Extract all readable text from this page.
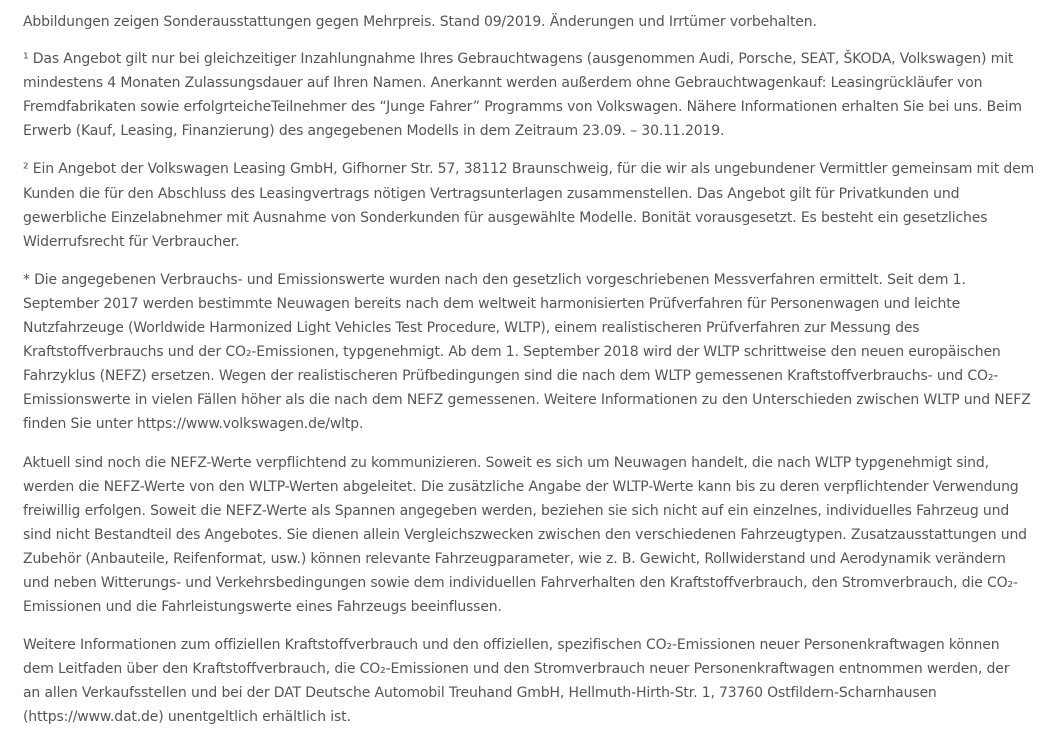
Abbildungen zeigen Sonderausstattungen gegen Mehrpreis. Stand 09/2019. Änderungen und Irrtümer vorbehalten.

¹ Das Angebot gilt nur bei gleichzeitiger Inzahlungnahme Ihres Gebrauchtwagens (ausgenommen Audi, Porsche, SEAT, ŠKODA, Volkswagen) mit
mindestens 4 Monaten Zulassungsdauer auf Ihren Namen. Anerkannt werden außerdem ohne Gebrauchtwagenkauf: Leasingrückläufer von
Fremdfabrikaten sowie erfolgrteicheTeilnehmer des “Junge Fahrer” Programms von Volkswagen. Nähere Informationen erhalten Sie bei uns. Beim
Erwerb (Kauf, Leasing, Finanzierung) des angegebenen Modells in dem Zeitraum 23.09. – 30.11.2019.

² Ein Angebot der Volkswagen Leasing GmbH, Gifhorner Str. 57, 38112 Braunschweig, für die wir als ungebundener Vermittler gemeinsam mit dem
Kunden die für den Abschluss des Leasingvertrags nötigen Vertragsunterlagen zusammenstellen. Das Angebot gilt für Privatkunden und
gewerbliche Einzelabnehmer mit Ausnahme von Sonderkunden für ausgewählte Modelle. Bonität vorausgesetzt. Es besteht ein gesetzliches
Widerrufsrecht für Verbraucher.

* Die angegebenen Verbrauchs- und Emissionswerte wurden nach den gesetzlich vorgeschriebenen Messverfahren ermittelt. Seit dem 1.
September 2017 werden bestimmte Neuwagen bereits nach dem weltweit harmonisierten Prüfverfahren für Personenwagen und leichte
Nutzfahrzeuge (Worldwide Harmonized Light Vehicles Test Procedure, WLTP), einem realistischeren Prüfverfahren zur Messung des
Kraftstoffverbrauchs und der CO₂-Emissionen, typgenehmigt. Ab dem 1. September 2018 wird der WLTP schrittweise den neuen europäischen
Fahrzyklus (NEFZ) ersetzen. Wegen der realistischeren Prüfbedingungen sind die nach dem WLTP gemessenen Kraftstoffverbrauchs- und CO₂-
Emissionswerte in vielen Fällen höher als die nach dem NEFZ gemessenen. Weitere Informationen zu den Unterschieden zwischen WLTP und NEFZ
finden Sie unter https://www.volkswagen.de/wltp.

Aktuell sind noch die NEFZ-Werte verpflichtend zu kommunizieren. Soweit es sich um Neuwagen handelt, die nach WLTP typgenehmigt sind,
werden die NEFZ-Werte von den WLTP-Werten abgeleitet. Die zusätzliche Angabe der WLTP-Werte kann bis zu deren verpflichtender Verwendung
freiwillig erfolgen. Soweit die NEFZ-Werte als Spannen angegeben werden, beziehen sie sich nicht auf ein einzelnes, individuelles Fahrzeug und
sind nicht Bestandteil des Angebotes. Sie dienen allein Vergleichszwecken zwischen den verschiedenen Fahrzeugtypen. Zusatzausstattungen und
Zubehör (Anbauteile, Reifenformat, usw.) können relevante Fahrzeugparameter, wie z. B. Gewicht, Rollwiderstand und Aerodynamik verändern
und neben Witterungs- und Verkehrsbedingungen sowie dem individuellen Fahrverhalten den Kraftstoffverbrauch, den Stromverbrauch, die CO₂-
Emissionen und die Fahrleistungswerte eines Fahrzeugs beeinflussen.

Weitere Informationen zum offiziellen Kraftstoffverbrauch und den offiziellen, spezifischen CO₂-Emissionen neuer Personenkraftwagen können
dem Leitfaden über den Kraftstoffverbrauch, die CO₂-Emissionen und den Stromverbrauch neuer Personenkraftwagen entnommen werden, der
an allen Verkaufsstellen und bei der DAT Deutsche Automobil Treuhand GmbH, Hellmuth-Hirth-Str. 1, 73760 Ostfildern-Scharnhausen
(https://www.dat.de) unentgeltlich erhältlich ist.
